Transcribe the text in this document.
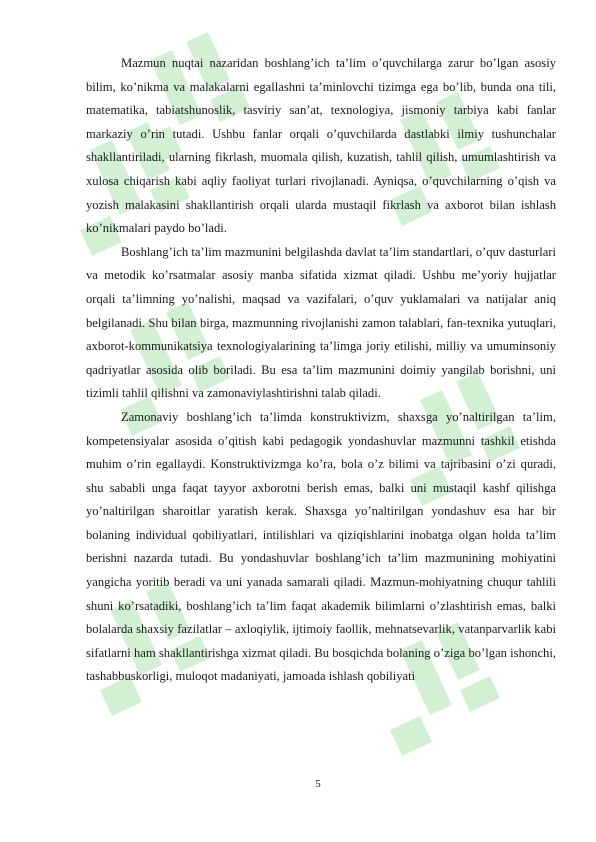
Mazmun nuqtai nazaridan boshlang’ich ta’lim o’quvchilarga zarur bo’lgan asosiy bilim, ko’nikma va malakalarni egallashni ta’minlovchi tizimga ega bo’lib, bunda ona tili, matematika, tabiatshunoslik, tasviriy san’at, texnologiya, jismoniy tarbiya kabi fanlar markaziy o’rin tutadi. Ushbu fanlar orqali o’quvchilarda dastlabki ilmiy tushunchalar shakllantiriladi, ularning fikrlash, muomala qilish, kuzatish, tahlil qilish, umumlashtirish va xulosa chiqarish kabi aqliy faoliyat turlari rivojlanadi. Ayniqsa, o’quvchilarning o’qish va yozish malakasini shakllantirish orqali ularda mustaqil fikrlash va axborot bilan ishlash ko’nikmalari paydo bo’ladi.

Boshlang’ich ta’lim mazmunini belgilashda davlat ta’lim standartlari, o’quv dasturlari va metodik ko’rsatmalar asosiy manba sifatida xizmat qiladi. Ushbu me’yoriy hujjatlar orqali ta’limning yo’nalishi, maqsad va vazifalari, o’quv yuklamalari va natijalar aniq belgilanadi. Shu bilan birga, mazmunning rivojlanishi zamon talablari, fan-texnika yutuqlari, axborot-kommunikatsiya texnologiyalarining ta’limga joriy etilishi, milliy va umuminsoniy qadriyatlar asosida olib boriladi. Bu esa ta’lim mazmunini doimiy yangilab borishni, uni tizimli tahlil qilishni va zamonaviylashtirishni talab qiladi.

Zamonaviy boshlang’ich ta’limda konstruktivizm, shaxsga yo’naltirilgan ta’lim, kompetensiyalar asosida o’qitish kabi pedagogik yondashuvlar mazmunni tashkil etishda muhim o’rin egallaydi. Konstruktivizmga ko’ra, bola o’z bilimi va tajribasini o’zi quradi, shu sababli unga faqat tayyor axborotni berish emas, balki uni mustaqil kashf qilishga yo’naltirilgan sharoitlar yaratish kerak. Shaxsga yo’naltirilgan yondashuv esa har bir bolaning individual qobiliyatlari, intilishlari va qiziqishlarini inobatga olgan holda ta’lim berishni nazarda tutadi. Bu yondashuvlar boshlang’ich ta’lim mazmunining mohiyatini yangicha yoritib beradi va uni yanada samarali qiladi. Mazmun-mohiyatning chuqur tahlili shuni ko’rsatadiki, boshlang’ich ta’lim faqat akademik bilimlarni o’zlashtirish emas, balki bolalarda shaxsiy fazilatlar – axloqiylik, ijtimoiy faollik, mehnatsevarlik, vatanparvarlik kabi sifatlarni ham shakllantirishga xizmat qiladi. Bu bosqichda bolaning o’ziga bo’lgan ishonchi, tashabbuskorligi, muloqot madaniyati, jamoada ishlash qobiliyati

5
